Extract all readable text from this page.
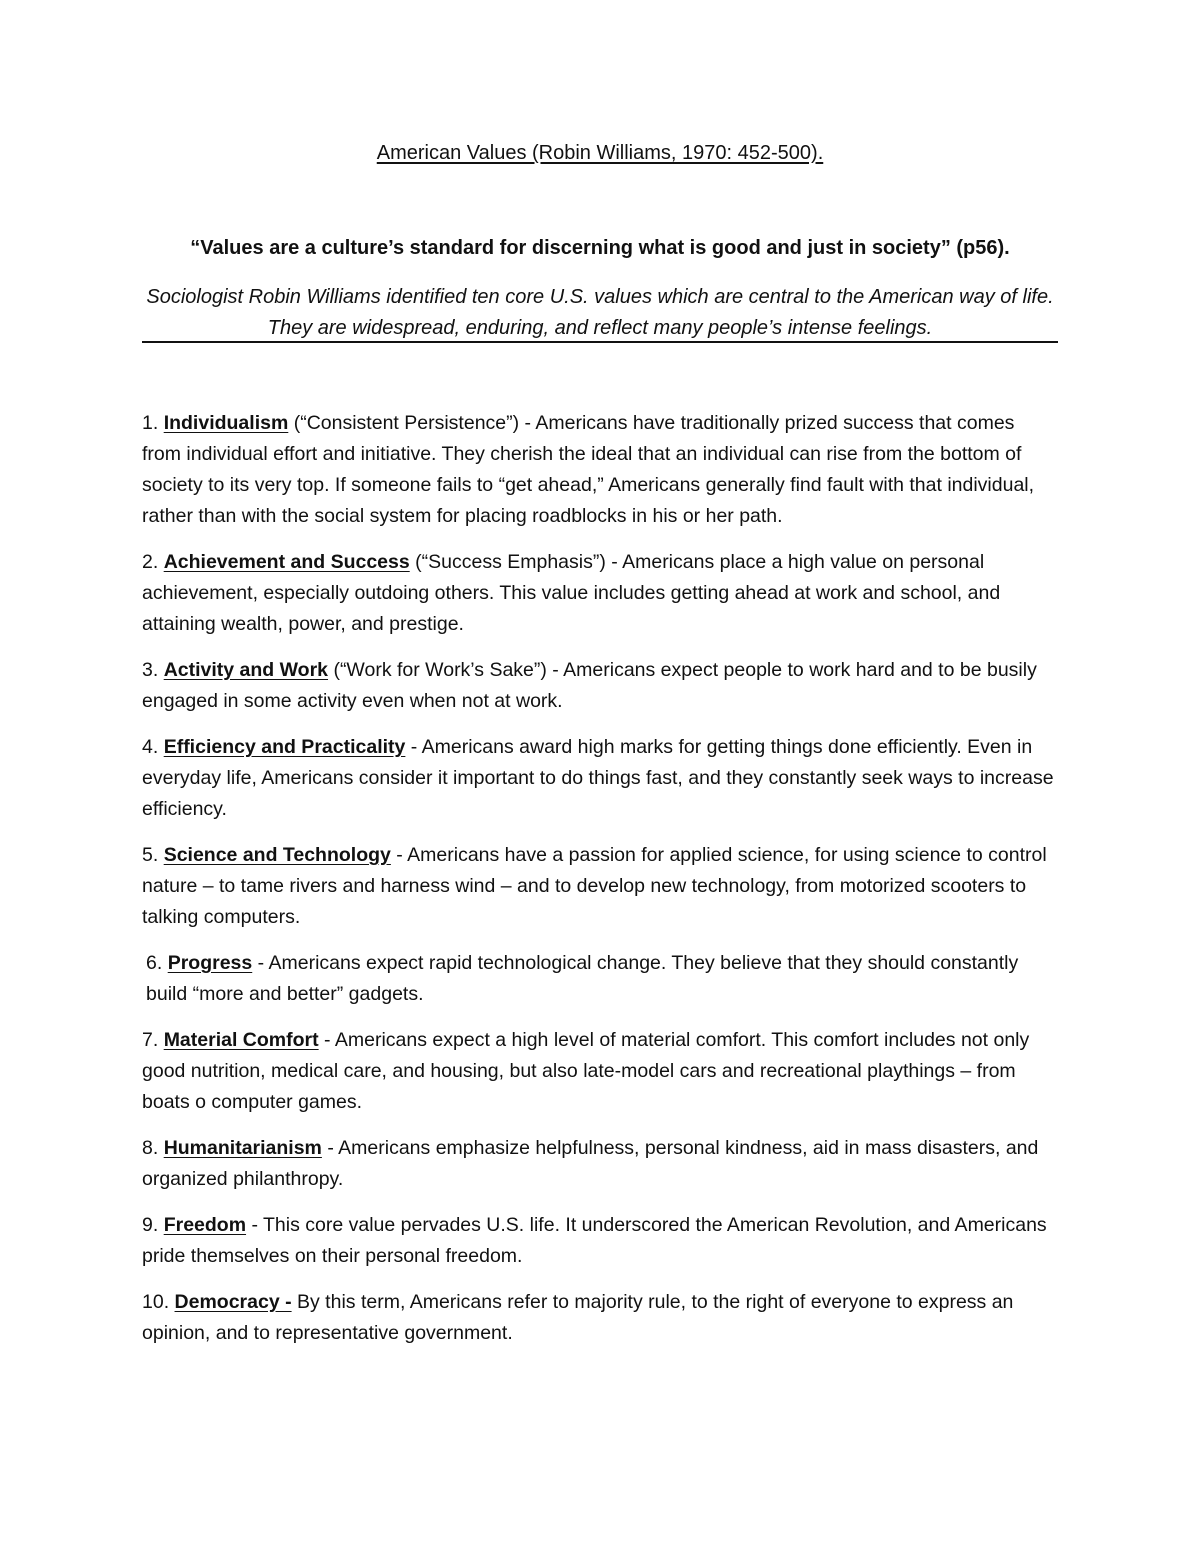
American Values (Robin Williams, 1970: 452-500).
“Values are a culture’s standard for discerning what is good and just in society” (p56).
Sociologist Robin Williams identified ten core U.S. values which are central to the American way of life. They are widespread, enduring, and reflect many people’s intense feelings.

1. Individualism (“Consistent Persistence”) - Americans have traditionally prized success that comes from individual effort and initiative. They cherish the ideal that an individual can rise from the bottom of society to its very top. If someone fails to “get ahead,” Americans generally find fault with that individual, rather than with the social system for placing roadblocks in his or her path.

2. Achievement and Success (“Success Emphasis”) - Americans place a high value on personal achievement, especially outdoing others. This value includes getting ahead at work and school, and attaining wealth, power, and prestige.

3. Activity and Work (“Work for Work’s Sake”) - Americans expect people to work hard and to be busily engaged in some activity even when not at work.

4. Efficiency and Practicality - Americans award high marks for getting things done efficiently. Even in everyday life, Americans consider it important to do things fast, and they constantly seek ways to increase efficiency.

5. Science and Technology - Americans have a passion for applied science, for using science to control nature – to tame rivers and harness wind – and to develop new technology, from motorized scooters to talking computers.

6. Progress - Americans expect rapid technological change. They believe that they should constantly build “more and better” gadgets.

7. Material Comfort - Americans expect a high level of material comfort. This comfort includes not only good nutrition, medical care, and housing, but also late-model cars and recreational playthings – from boats o computer games.

8. Humanitarianism - Americans emphasize helpfulness, personal kindness, aid in mass disasters, and organized philanthropy.

9. Freedom - This core value pervades U.S. life. It underscored the American Revolution, and Americans pride themselves on their personal freedom.

10. Democracy - By this term, Americans refer to majority rule, to the right of everyone to express an opinion, and to representative government.
